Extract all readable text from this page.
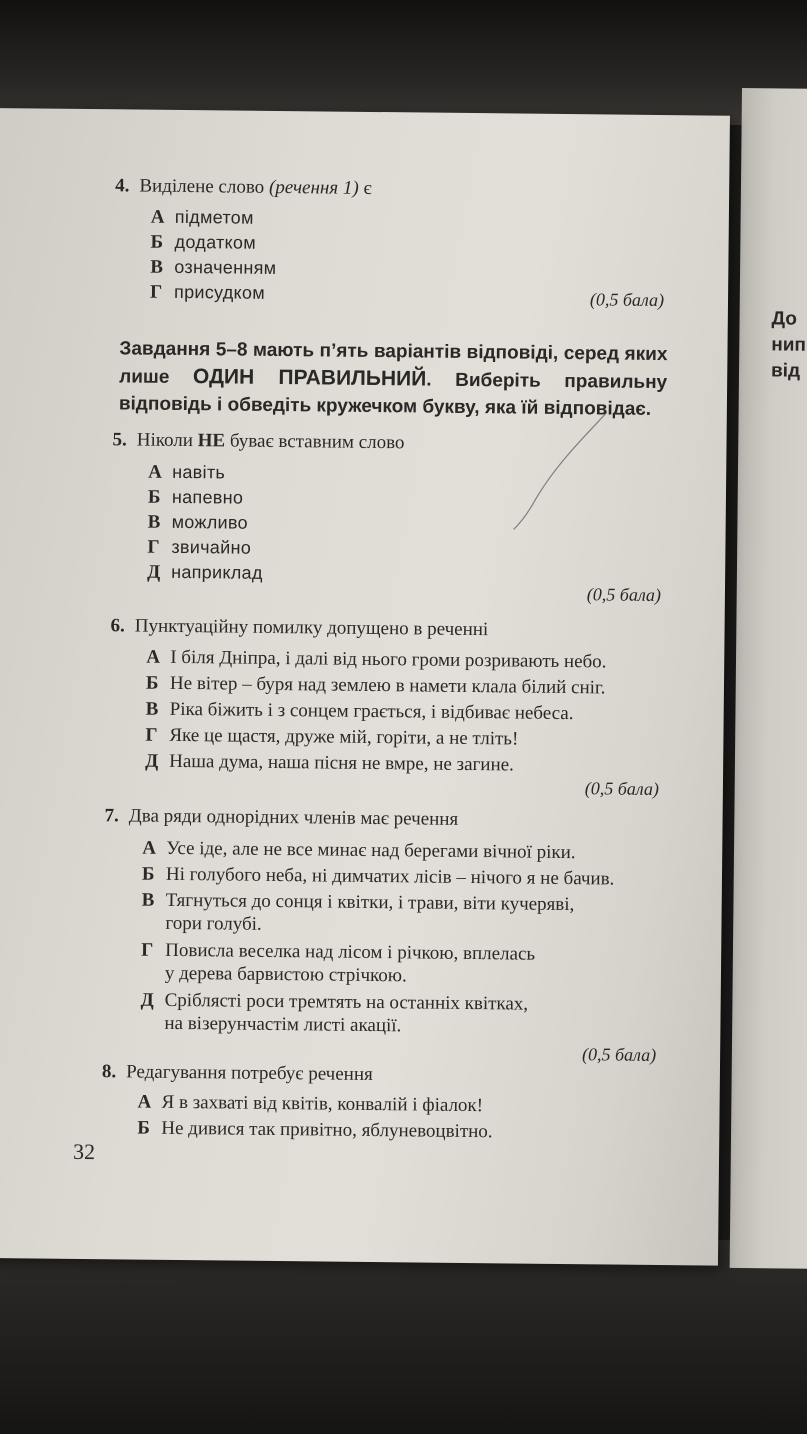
До
нип
від
4. Виділене слово (речення 1) є
А підметом
Б додатком
В означенням
Г присудком	(0,5 бала)
Завдання 5–8 мають п’ять варіантів відповіді, серед яких лише ОДИН ПРАВИЛЬНИЙ. Виберіть правильну відповідь і обведіть кружечком букву, яка їй відповідає.
5. Ніколи НЕ буває вставним слово
А навіть
Б напевно
В можливо
Г звичайно
Д наприклад
(0,5 бала)
6. Пунктуаційну помилку допущено в реченні
А І біля Дніпра, і далі від нього громи розривають небо.
Б Не вітер – буря над землею в намети клала білий сніг.
В Ріка біжить і з сонцем грається, і відбиває небеса.
Г Яке це щастя, друже мій, горіти, а не тліть!
Д Наша дума, наша пісня не вмре, не загине.
(0,5 бала)
7. Два ряди однорідних членів має речення
А Усе іде, але не все минає над берегами вічної ріки.
Б Ні голубого неба, ні димчатих лісів – нічого я не бачив.
В Тягнуться до сонця і квітки, і трави, віти кучеряві,
гори голубі.
Г Повисла веселка над лісом і річкою, вплелась
у дерева барвистою стрічкою.
Д Сріблясті роси тремтять на останніх квітках,
на візерунчастім листі акації.
(0,5 бала)
8. Редагування потребує речення
А Я в захваті від квітів, конвалій і фіалок!
Б Не дивися так привітно, яблуневоцвітно.
32
